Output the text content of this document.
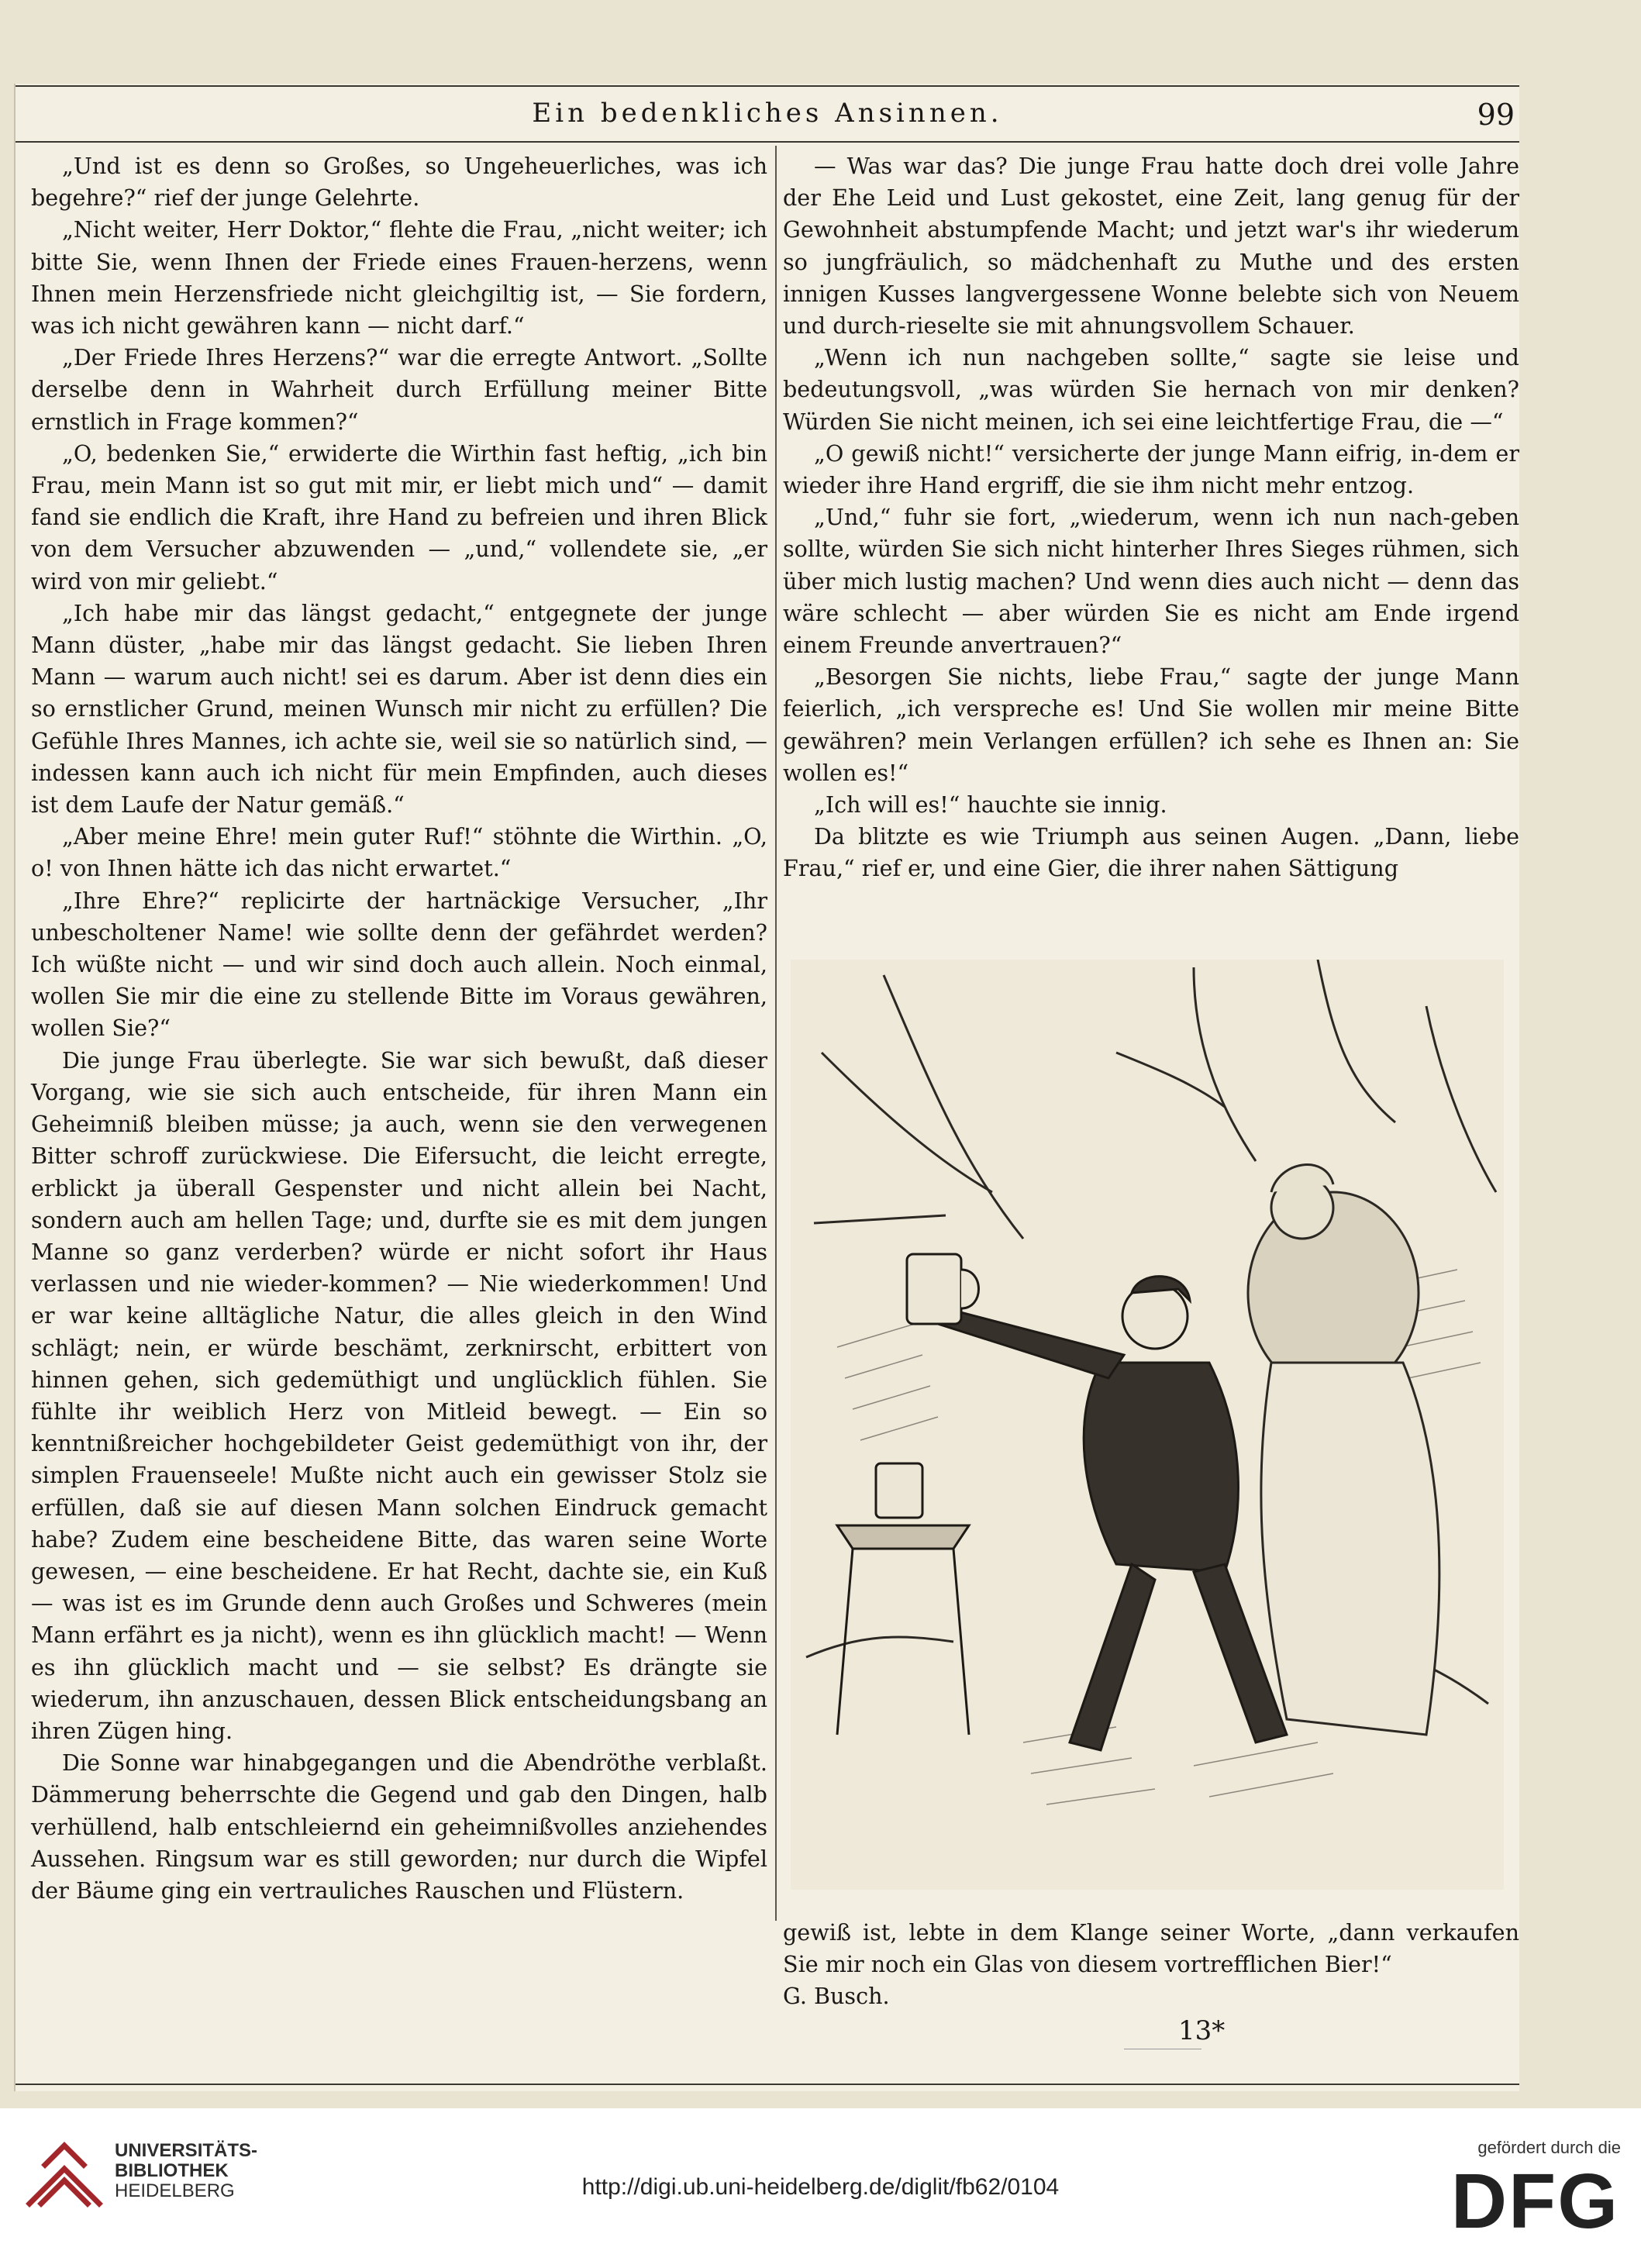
Ein bedenkliches Ansinnen.	99

„Und ist es denn so Großes, so Ungeheuerliches, was ich begehre?“ rief der junge Gelehrte.

„Nicht weiter, Herr Doktor,“ flehte die Frau, „nicht weiter; ich bitte Sie, wenn Ihnen der Friede eines Frauen-herzens, wenn Ihnen mein Herzensfriede nicht gleichgiltig ist, — Sie fordern, was ich nicht gewähren kann — nicht darf.“

„Der Friede Ihres Herzens?“ war die erregte Antwort. „Sollte derselbe denn in Wahrheit durch Erfüllung meiner Bitte ernstlich in Frage kommen?“

„O, bedenken Sie,“ erwiderte die Wirthin fast heftig, „ich bin Frau, mein Mann ist so gut mit mir, er liebt mich und“ — damit fand sie endlich die Kraft, ihre Hand zu befreien und ihren Blick von dem Versucher abzuwenden — „und,“ vollendete sie, „er wird von mir geliebt.“

„Ich habe mir das längst gedacht,“ entgegnete der junge Mann düster, „habe mir das längst gedacht. Sie lieben Ihren Mann — warum auch nicht! sei es darum. Aber ist denn dies ein so ernstlicher Grund, meinen Wunsch mir nicht zu erfüllen? Die Gefühle Ihres Mannes, ich achte sie, weil sie so natürlich sind, — indessen kann auch ich nicht für mein Empfinden, auch dieses ist dem Laufe der Natur gemäß.“

„Aber meine Ehre! mein guter Ruf!“ stöhnte die Wirthin. „O, o! von Ihnen hätte ich das nicht erwartet.“

„Ihre Ehre?“ replicirte der hartnäckige Versucher, „Ihr unbescholtener Name! wie sollte denn der gefährdet werden? Ich wüßte nicht — und wir sind doch auch allein. Noch einmal, wollen Sie mir die eine zu stellende Bitte im Voraus gewähren, wollen Sie?“

Die junge Frau überlegte. Sie war sich bewußt, daß dieser Vorgang, wie sie sich auch entscheide, für ihren Mann ein Geheimniß bleiben müsse; ja auch, wenn sie den verwegenen Bitter schroff zurückwiese. Die Eifersucht, die leicht erregte, erblickt ja überall Gespenster und nicht allein bei Nacht, sondern auch am hellen Tage; und, durfte sie es mit dem jungen Manne so ganz verderben? würde er nicht sofort ihr Haus verlassen und nie wieder-kommen? — Nie wiederkommen! Und er war keine alltägliche Natur, die alles gleich in den Wind schlägt; nein, er würde beschämt, zerknirscht, erbittert von hinnen gehen, sich gedemüthigt und unglücklich fühlen. Sie fühlte ihr weiblich Herz von Mitleid bewegt. — Ein so kenntnißreicher hochgebildeter Geist gedemüthigt von ihr, der simplen Frauenseele! Mußte nicht auch ein gewisser Stolz sie erfüllen, daß sie auf diesen Mann solchen Eindruck gemacht habe? Zudem eine bescheidene Bitte, das waren seine Worte gewesen, — eine bescheidene. Er hat Recht, dachte sie, ein Kuß — was ist es im Grunde denn auch Großes und Schweres (mein Mann erfährt es ja nicht), wenn es ihn glücklich macht! — Wenn es ihn glücklich macht und — sie selbst? Es drängte sie wiederum, ihn anzuschauen, dessen Blick entscheidungsbang an ihren Zügen hing.

Die Sonne war hinabgegangen und die Abendröthe verblaßt. Dämmerung beherrschte die Gegend und gab den Dingen, halb verhüllend, halb entschleiernd ein geheimnißvolles anziehendes Aussehen. Ringsum war es still geworden; nur durch die Wipfel der Bäume ging ein vertrauliches Rauschen und Flüstern.

— Was war das? Die junge Frau hatte doch drei volle Jahre der Ehe Leid und Lust gekostet, eine Zeit, lang genug für der Gewohnheit abstumpfende Macht; und jetzt war's ihr wiederum so jungfräulich, so mädchenhaft zu Muthe und des ersten innigen Kusses langvergessene Wonne belebte sich von Neuem und durch-rieselte sie mit ahnungsvollem Schauer.

„Wenn ich nun nachgeben sollte,“ sagte sie leise und bedeutungsvoll, „was würden Sie hernach von mir denken? Würden Sie nicht meinen, ich sei eine leichtfertige Frau, die —“

„O gewiß nicht!“ versicherte der junge Mann eifrig, in-dem er wieder ihre Hand ergriff, die sie ihm nicht mehr entzog.

„Und,“ fuhr sie fort, „wiederum, wenn ich nun nach-geben sollte, würden Sie sich nicht hinterher Ihres Sieges rühmen, sich über mich lustig machen? Und wenn dies auch nicht — denn das wäre schlecht — aber würden Sie es nicht am Ende irgend einem Freunde anvertrauen?“

„Besorgen Sie nichts, liebe Frau,“ sagte der junge Mann feierlich, „ich verspreche es! Und Sie wollen mir meine Bitte gewähren? mein Verlangen erfüllen? ich sehe es Ihnen an: Sie wollen es!“

„Ich will es!“ hauchte sie innig.

Da blitzte es wie Triumph aus seinen Augen. „Dann, liebe Frau,“ rief er, und eine Gier, die ihrer nahen Sättigung

gewiß ist, lebte in dem Klange seiner Worte, „dann verkaufen Sie mir noch ein Glas von diesem vortrefflichen Bier!“

G. Busch.

13*
UNIVERSITÄTS-
BIBLIOTHEK
HEIDELBERG	http://digi.ub.uni-heidelberg.de/diglit/fb62/0104
gefördert durch die
DFG
